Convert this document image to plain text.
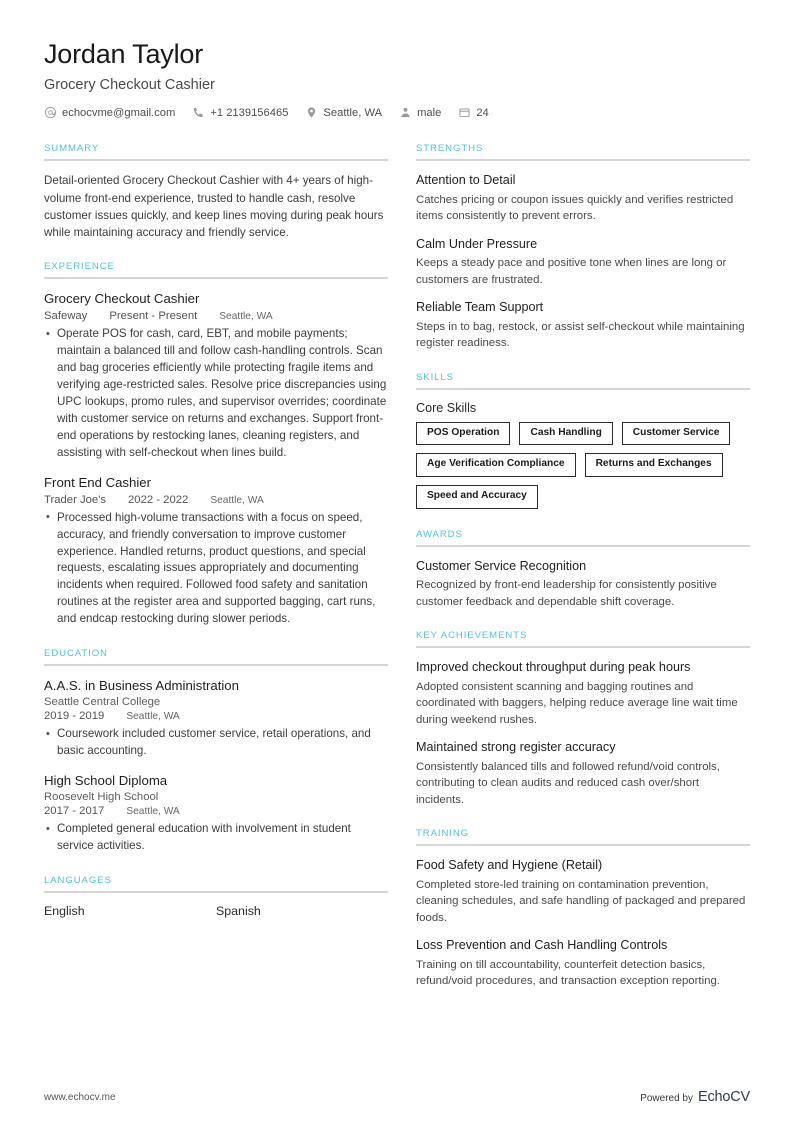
Jordan Taylor
Grocery Checkout Cashier
echocvme@gmail.com	+1 2139156465	Seattle, WA	male	24
SUMMARY
Detail-oriented Grocery Checkout Cashier with 4+ years of high-volume front-end experience, trusted to handle cash, resolve customer issues quickly, and keep lines moving during peak hours while maintaining accuracy and friendly service.
EXPERIENCE
Grocery Checkout Cashier
Safeway Present - Present Seattle, WA
• Operate POS for cash, card, EBT, and mobile payments; maintain a balanced till and follow cash-handling controls. Scan and bag groceries efficiently while protecting fragile items and verifying age-restricted sales. Resolve price discrepancies using UPC lookups, promo rules, and supervisor overrides; coordinate with customer service on returns and exchanges. Support front-end operations by restocking lanes, cleaning registers, and assisting with self-checkout when lines build.
Front End Cashier
Trader Joe's 2022 - 2022 Seattle, WA
• Processed high-volume transactions with a focus on speed, accuracy, and friendly conversation to improve customer experience. Handled returns, product questions, and special requests, escalating issues appropriately and documenting incidents when required. Followed food safety and sanitation routines at the register area and supported bagging, cart runs, and endcap restocking during slower periods.
EDUCATION
A.A.S. in Business Administration
Seattle Central College
2019 - 2019 Seattle, WA
• Coursework included customer service, retail operations, and basic accounting.
High School Diploma
Roosevelt High School
2017 - 2017 Seattle, WA
• Completed general education with involvement in student service activities.
LANGUAGES
English	Spanish
STRENGTHS
Attention to Detail
Catches pricing or coupon issues quickly and verifies restricted items consistently to prevent errors.
Calm Under Pressure
Keeps a steady pace and positive tone when lines are long or customers are frustrated.
Reliable Team Support
Steps in to bag, restock, or assist self-checkout while maintaining register readiness.
SKILLS
Core Skills
POS Operation	Cash Handling	Customer Service
Age Verification Compliance	Returns and Exchanges
Speed and Accuracy
AWARDS
Customer Service Recognition
Recognized by front-end leadership for consistently positive customer feedback and dependable shift coverage.
KEY ACHIEVEMENTS
Improved checkout throughput during peak hours
Adopted consistent scanning and bagging routines and coordinated with baggers, helping reduce average line wait time during weekend rushes.
Maintained strong register accuracy
Consistently balanced tills and followed refund/void controls, contributing to clean audits and reduced cash over/short incidents.
TRAINING
Food Safety and Hygiene (Retail)
Completed store-led training on contamination prevention, cleaning schedules, and safe handling of packaged and prepared foods.
Loss Prevention and Cash Handling Controls
Training on till accountability, counterfeit detection basics, refund/void procedures, and transaction exception reporting.
www.echocv.me	Powered by EchoCV
